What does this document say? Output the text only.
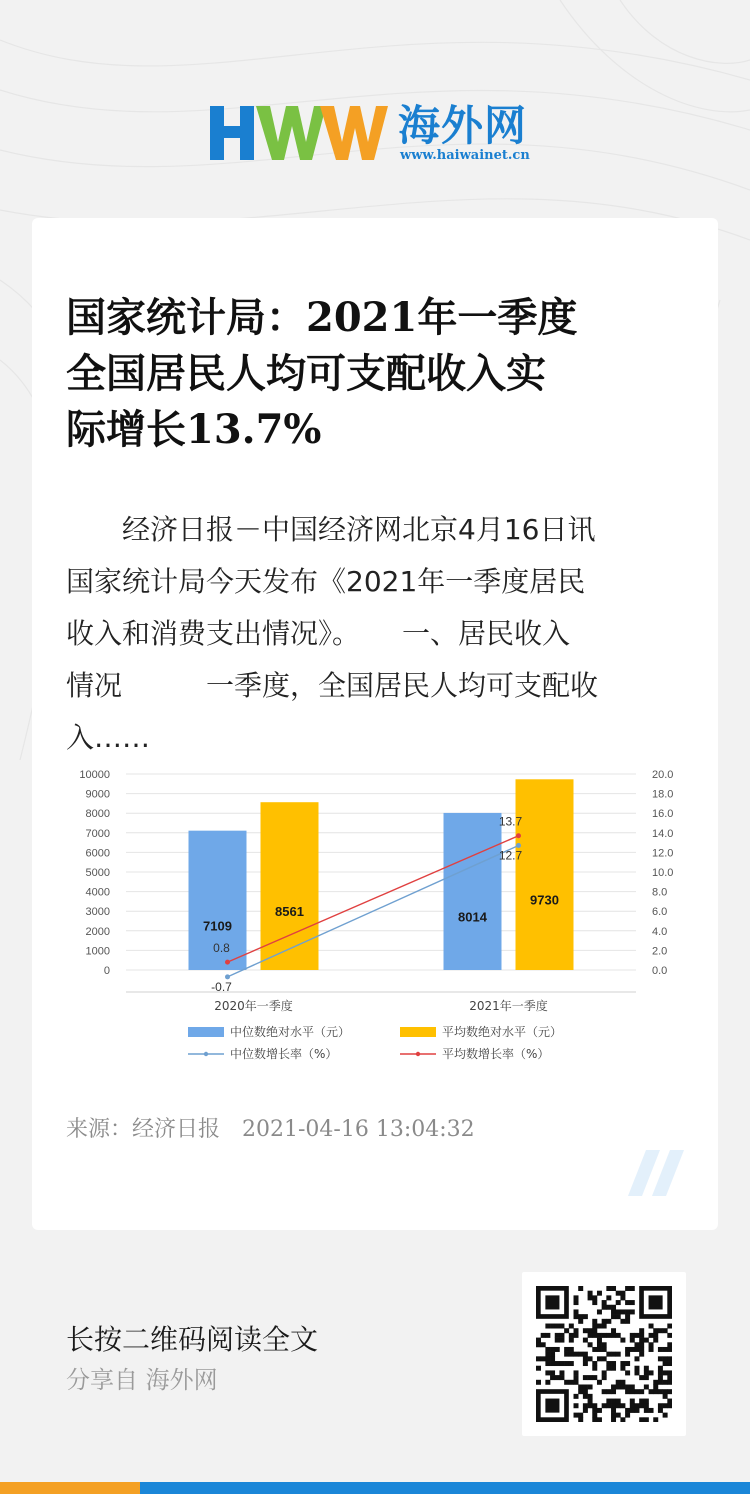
海外网
www.haiwainet.cn
国家统计局：2021年一季度
全国居民人均可支配收入实
际增长13.7%
　　经济日报－中国经济网北京4月16日讯
国家统计局今天发布《2021年一季度居民
收入和消费支出情况》。　　一、居民收入
情况　　　一季度，全国居民人均可支配收
入……
0
1000
2000
3000
4000
5000
6000
7000
8000
9000
10000
0.0
2.0
4.0
6.0
8.0
10.0
12.0
14.0
16.0
18.0
20.0
7109
8561
2020年一季度
8014
9730
2021年一季度
-0.7
12.7
0.8
13.7
中位数绝对水平（元）	平均数绝对水平（元）
中位数增长率（%）	平均数增长率（%）
来源：经济日报　2021-04-16 13:04:32
长按二维码阅读全文
分享自 海外网
